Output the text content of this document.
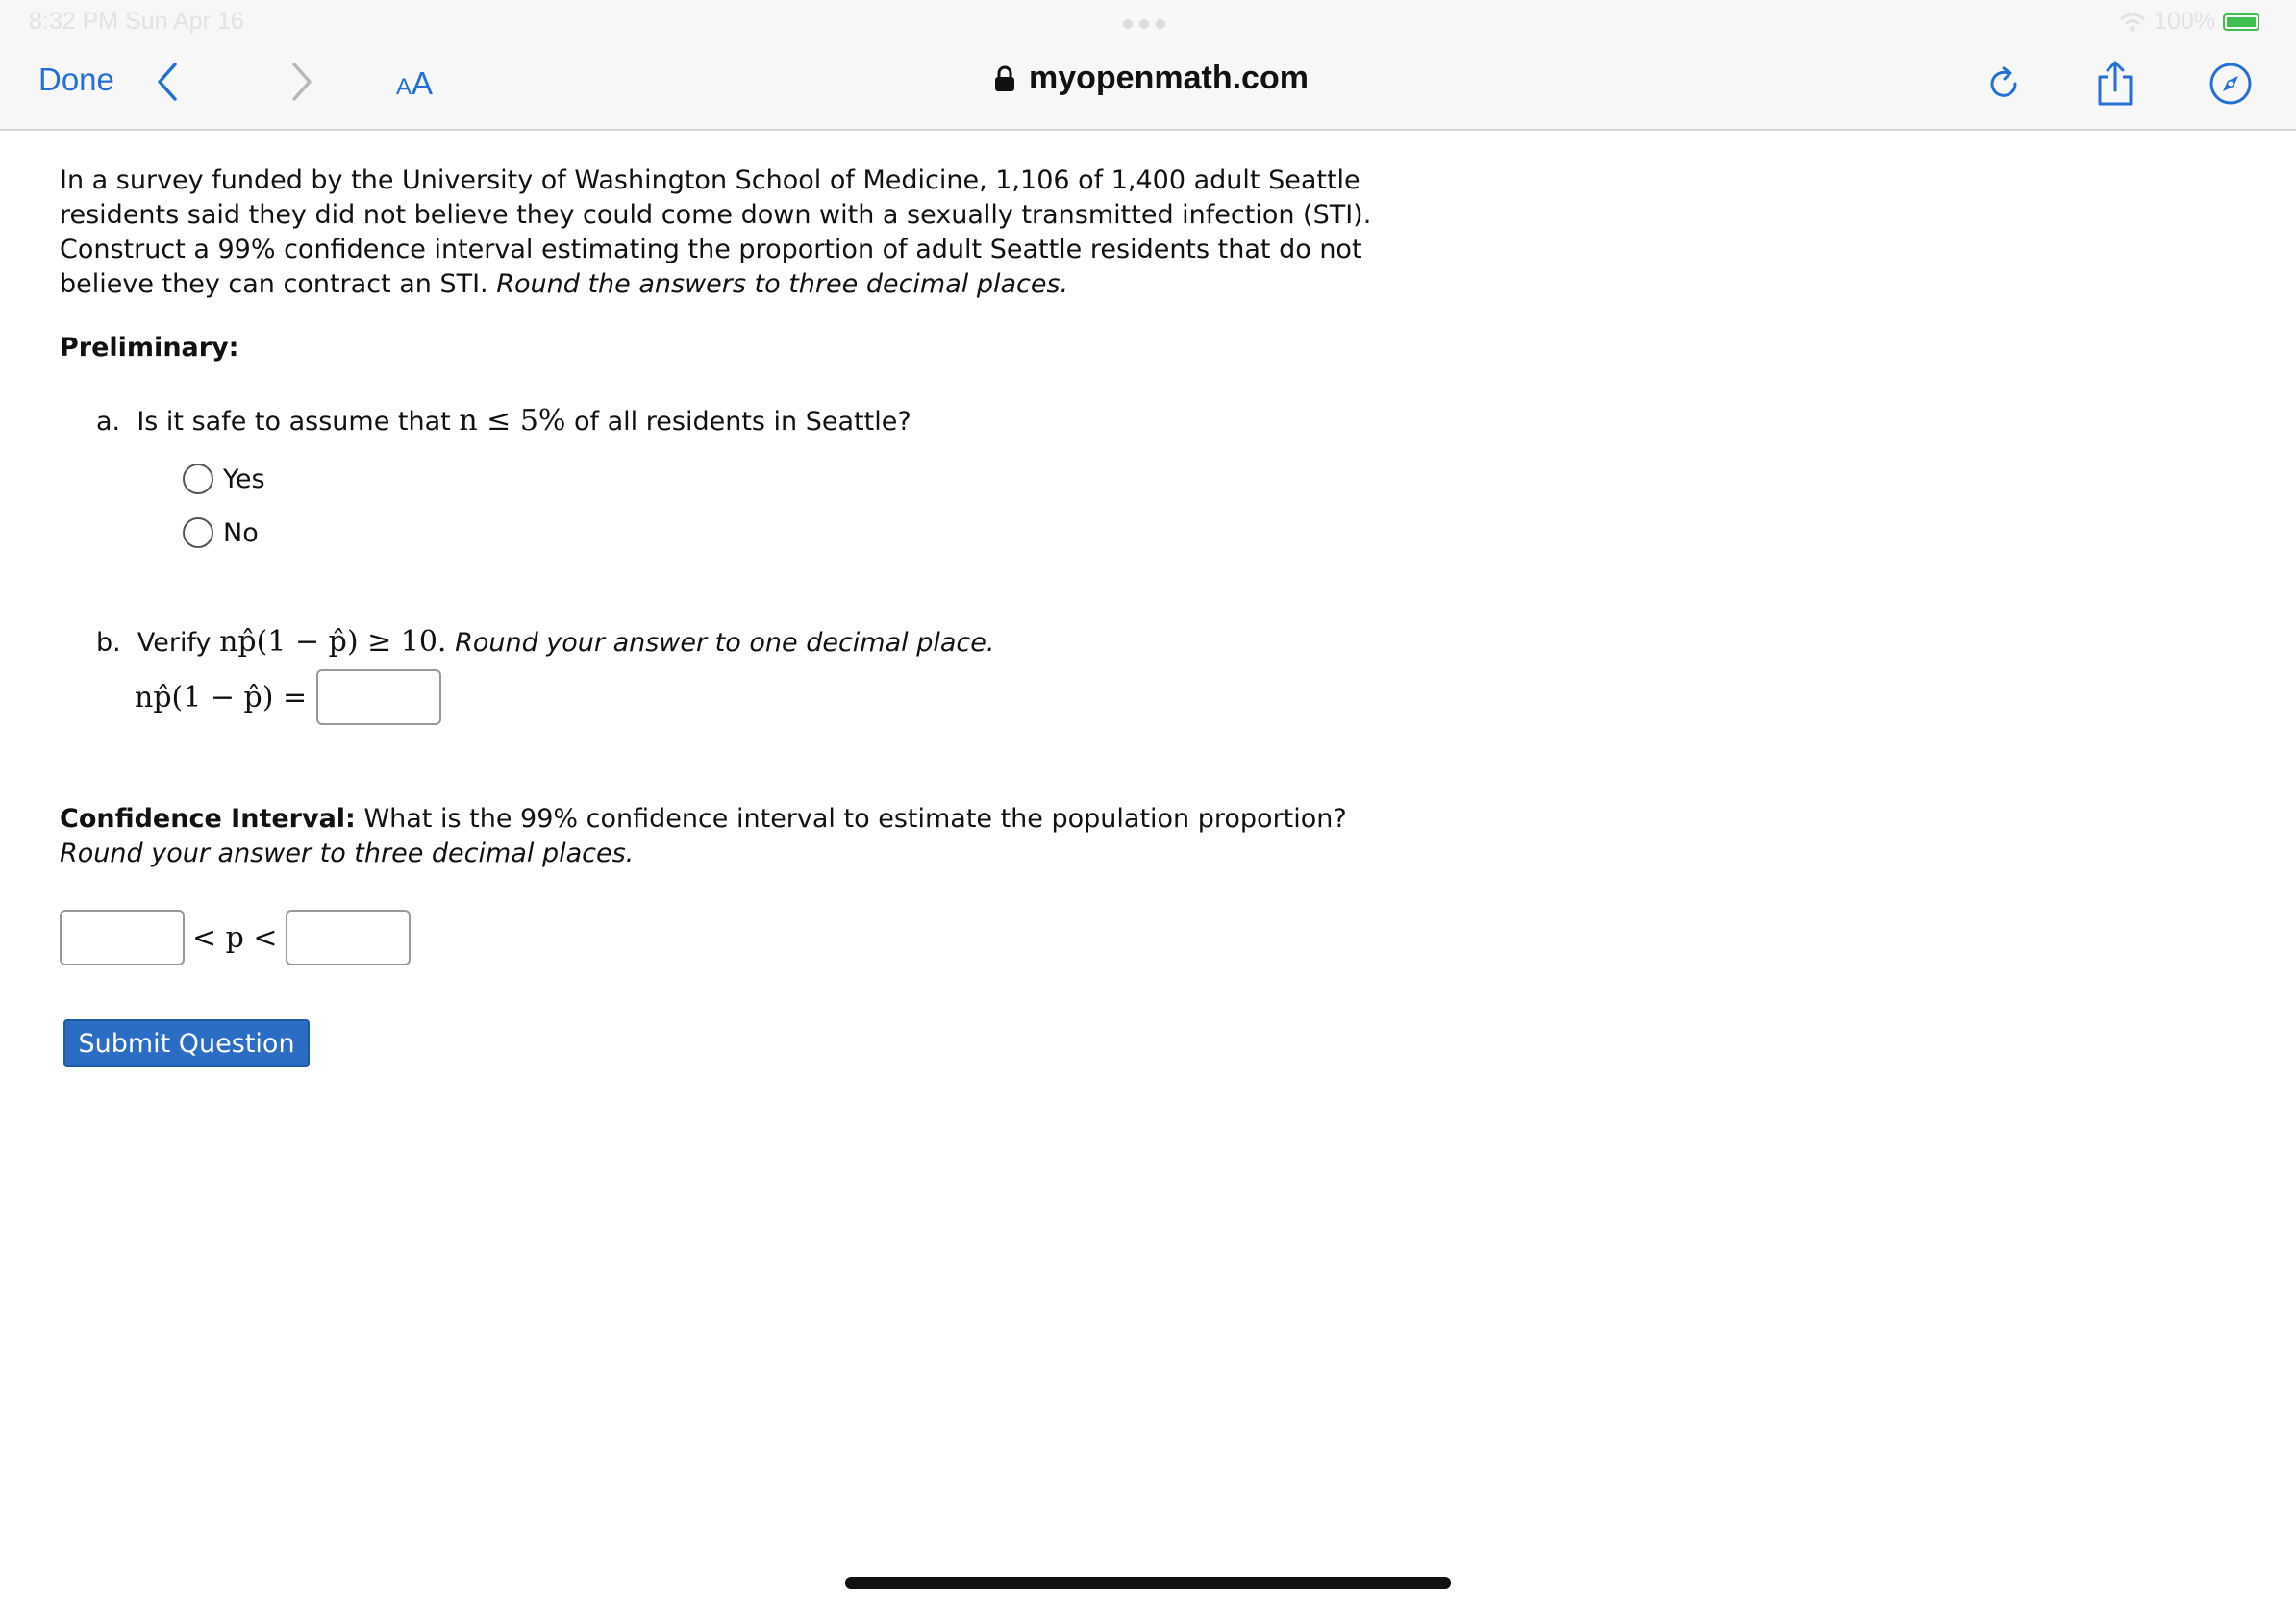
8:32 PM Sun Apr 16	100%
Done	AA	myopenmath.com

In a survey funded by the University of Washington School of Medicine, 1,106 of 1,400 adult Seattle residents said they did not believe they could come down with a sexually transmitted infection (STI). Construct a 99% confidence interval estimating the proportion of adult Seattle residents that do not believe they can contract an STI. Round the answers to three decimal places.

Preliminary:

a. Is it safe to assume that n ≤ 5% of all residents in Seattle?
Yes
No
b. Verify np̂(1 − p̂) ≥ 10. Round your answer to one decimal place.
np̂(1 − p̂) =
Confidence Interval: What is the 99% confidence interval to estimate the population proportion? Round your answer to three decimal places.
< p <
Submit Question
